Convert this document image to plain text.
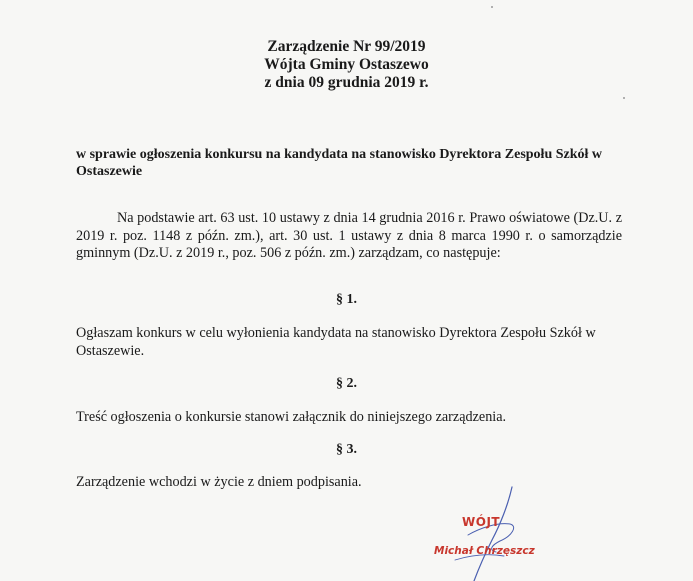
Zarządzenie Nr 99/2019
Wójta Gminy Ostaszewo
z dnia 09 grudnia 2019 r.
w sprawie ogłoszenia konkursu na kandydata na stanowisko Dyrektora Zespołu Szkół w Ostaszewie
Na podstawie art. 63 ust. 10 ustawy z dnia 14 grudnia 2016 r. Prawo oświatowe (Dz.U. z 2019 r. poz. 1148 z późn. zm.), art. 30 ust. 1 ustawy z dnia 8 marca 1990 r. o samorządzie gminnym (Dz.U. z 2019 r., poz. 506 z późn. zm.) zarządzam, co następuje:
§ 1.
Ogłaszam konkurs w celu wyłonienia kandydata na stanowisko Dyrektora Zespołu Szkół w Ostaszewie.
§ 2.
Treść ogłoszenia o konkursie stanowi załącznik do niniejszego zarządzenia.
§ 3.
Zarządzenie wchodzi w życie z dniem podpisania.
WÓJT
Michał Chrzęszcz
